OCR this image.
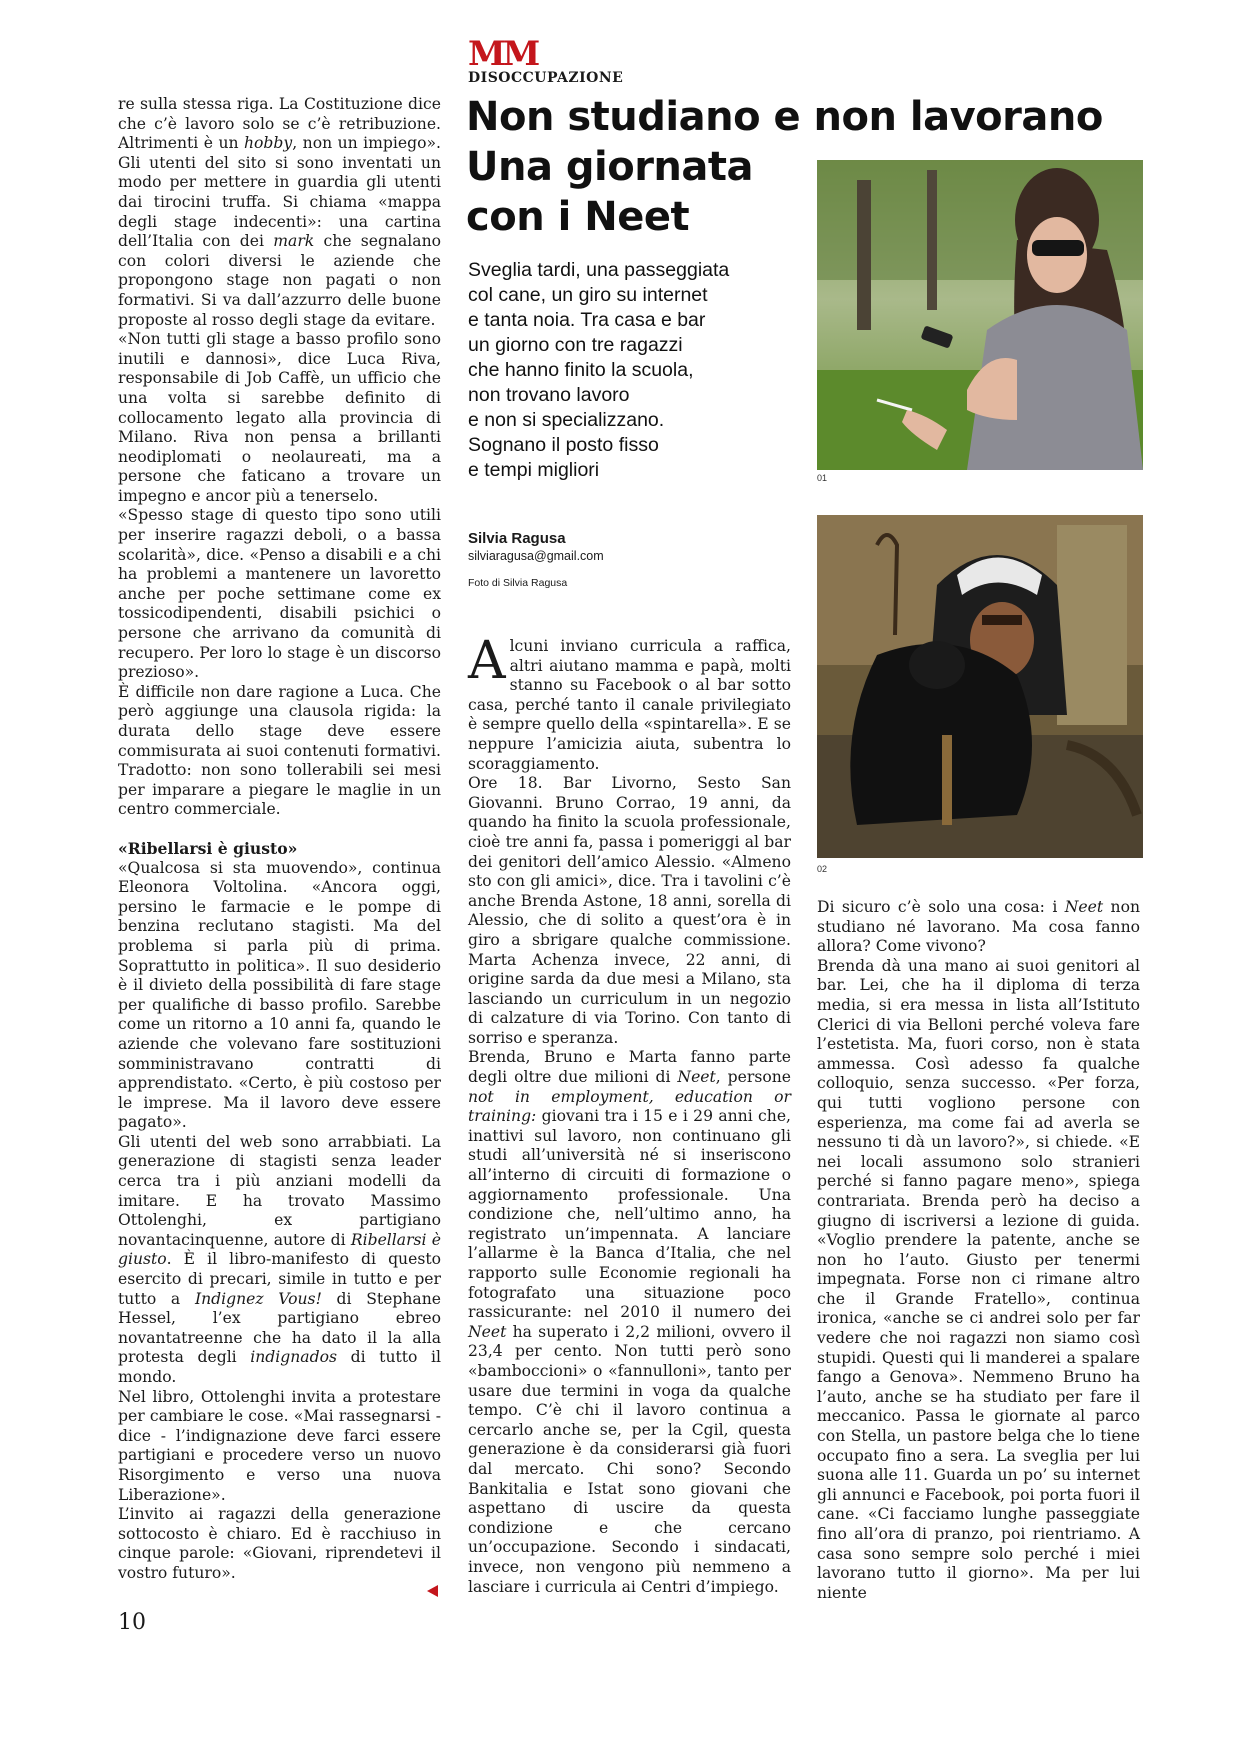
MM
DISOCCUPAZIONE
Non studiano e non lavorano
Una giornata
con i Neet
Sveglia tardi, una passeggiata
col cane, un giro su internet
e tanta noia. Tra casa e bar
un giorno con tre ragazzi
che hanno finito la scuola,
non trovano lavoro
e non si specializzano.
Sognano il posto fisso
e tempi migliori
Silvia Ragusa
silviaragusa@gmail.com
Foto di Silvia Ragusa
01
02

re sulla stessa riga. La Costituzione dice che c’è lavoro solo se c’è retribuzione. Altrimenti è un hobby, non un impiego». Gli utenti del sito si sono inventati un modo per mettere in guardia gli utenti dai tirocini truffa. Si chiama «mappa degli stage indecenti»: una cartina dell’Italia con dei mark che segnalano con colori diversi le aziende che propongono stage non pagati o non formativi. Si va dall’azzurro delle buone proposte al rosso degli stage da evitare.

«Non tutti gli stage a basso profilo sono inutili e dannosi», dice Luca Riva, responsabile di Job Caffè, un ufficio che una volta si sarebbe definito di collocamento legato alla provincia di Milano. Riva non pensa a brillanti neodiplomati o neolaureati, ma a persone che faticano a trovare un impegno e ancor più a tenerselo.

«Spesso stage di questo tipo sono utili per inserire ragazzi deboli, o a bassa scolarità», dice. «Penso a disabili e a chi ha problemi a mantenere un lavoretto anche per poche settimane come ex tossicodipendenti, disabili psichici o persone che arrivano da comunità di recupero. Per loro lo stage è un discorso prezioso».

È difficile non dare ragione a Luca. Che però aggiunge una clausola rigida: la durata dello stage deve essere commisurata ai suoi contenuti formativi. Tradotto: non sono tollerabili sei mesi per imparare a piegare le maglie in un centro commerciale.

«Ribellarsi è giusto»

«Qualcosa si sta muovendo», continua Eleonora Voltolina. «Ancora oggi, persino le farmacie e le pompe di benzina reclutano stagisti. Ma del problema si parla più di prima. Soprattutto in politica». Il suo desiderio è il divieto della possibilità di fare stage per qualifiche di basso profilo. Sarebbe come un ritorno a 10 anni fa, quando le aziende che volevano fare sostituzioni somministravano contratti di apprendistato. «Certo, è più costoso per le imprese. Ma il lavoro deve essere pagato».

Gli utenti del web sono arrabbiati. La generazione di stagisti senza leader cerca tra i più anziani modelli da imitare. E ha trovato Massimo Ottolenghi, ex partigiano novantacinquenne, autore di Ribellarsi è giusto. È il libro-manifesto di questo esercito di precari, simile in tutto e per tutto a Indignez Vous! di Stephane Hessel, l’ex partigiano ebreo novantatreenne che ha dato il la alla protesta degli indignados di tutto il mondo.

Nel libro, Ottolenghi invita a protestare per cambiare le cose. «Mai rassegnarsi - dice - l’indignazione deve farci essere partigiani e procedere verso un nuovo Risorgimento e verso una nuova Liberazione».

L’invito ai ragazzi della generazione sottocosto è chiaro. Ed è racchiuso in cinque parole: «Giovani, riprendetevi il vostro futuro».

A lcuni inviano curricula a raffica, altri aiutano mamma e papà, molti stanno su Facebook o al bar sotto casa, perché tanto il canale privilegiato è sempre quello della «spintarella». E se neppure l’amicizia aiuta, subentra lo scoraggiamento.

Ore 18. Bar Livorno, Sesto San Giovanni. Bruno Corrao, 19 anni, da quando ha finito la scuola professionale, cioè tre anni fa, passa i pomeriggi al bar dei genitori dell’amico Alessio. «Almeno sto con gli amici», dice. Tra i tavolini c’è anche Brenda Astone, 18 anni, sorella di Alessio, che di solito a quest’ora è in giro a sbrigare qualche commissione. Marta Achenza invece, 22 anni, di origine sarda da due mesi a Milano, sta lasciando un curriculum in un negozio di calzature di via Torino. Con tanto di sorriso e speranza.

Brenda, Bruno e Marta fanno parte degli oltre due milioni di Neet, persone not in employment, education or training: giovani tra i 15 e i 29 anni che, inattivi sul lavoro, non continuano gli studi all’università né si inseriscono all’interno di circuiti di formazione o aggiornamento professionale. Una condizione che, nell’ultimo anno, ha registrato un’impennata. A lanciare l’allarme è la Banca d’Italia, che nel rapporto sulle Economie regionali ha fotografato una situazione poco rassicurante: nel 2010 il numero dei Neet ha superato i 2,2 milioni, ovvero il 23,4 per cento. Non tutti però sono «bamboccioni» o «fannulloni», tanto per usare due termini in voga da qualche tempo. C’è chi il lavoro continua a cercarlo anche se, per la Cgil, questa generazione è da considerarsi già fuori dal mercato. Chi sono? Secondo Bankitalia e Istat sono giovani che aspettano di uscire da questa condizione e che cercano un’occupazione. Secondo i sindacati, invece, non vengono più nemmeno a lasciare i curricula ai Centri d’impiego.

Di sicuro c’è solo una cosa: i Neet non studiano né lavorano. Ma cosa fanno allora? Come vivono?

Brenda dà una mano ai suoi genitori al bar. Lei, che ha il diploma di terza media, si era messa in lista all’Istituto Clerici di via Belloni perché voleva fare l’estetista. Ma, fuori corso, non è stata ammessa. Così adesso fa qualche colloquio, senza successo. «Per forza, qui tutti vogliono persone con esperienza, ma come fai ad averla se nessuno ti dà un lavoro?», si chiede. «E nei locali assumono solo stranieri perché si fanno pagare meno», spiega contrariata. Brenda però ha deciso a giugno di iscriversi a lezione di guida. «Voglio prendere la patente, anche se non ho l’auto. Giusto per tenermi impegnata. Forse non ci rimane altro che il Grande Fratello», continua ironica, «anche se ci andrei solo per far vedere che noi ragazzi non siamo così stupidi. Questi qui li manderei a spalare fango a Genova». Nemmeno Bruno ha l’auto, anche se ha studiato per fare il meccanico. Passa le giornate al parco con Stella, un pastore belga che lo tiene occupato fino a sera. La sveglia per lui suona alle 11. Guarda un po’ su internet gli annunci e Facebook, poi porta fuori il cane. «Ci facciamo lunghe passeggiate fino all’ora di pranzo, poi rientriamo. A casa sono sempre solo perché i miei lavorano tutto il giorno». Ma per lui niente

10
